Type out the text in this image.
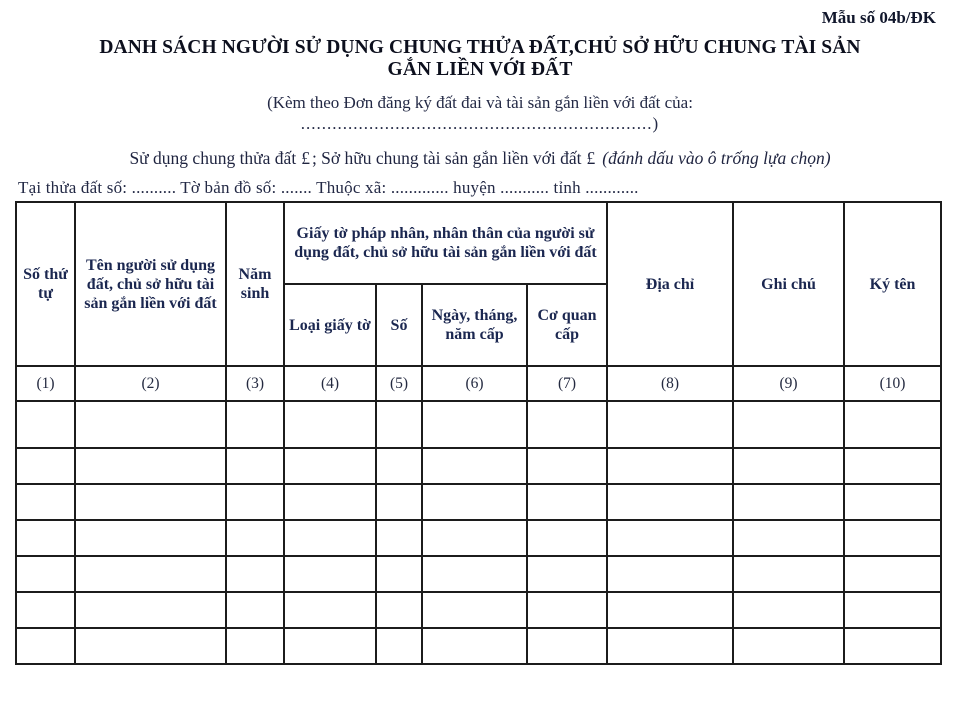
Mẫu số 04b/ĐK
DANH SÁCH NGƯỜI SỬ DỤNG CHUNG THỬA ĐẤT,CHỦ SỞ HỮU CHUNG TÀI SẢN
GẮN LIỀN VỚI ĐẤT
(Kèm theo Đơn đăng ký đất đai và tài sản gắn liền với đất của:
...................................................................)
Sử dụng chung thửa đất £ ; Sở hữu chung tài sản gắn liền với đất £ (đánh dấu vào ô trống lựa chọn)
Tại thửa đất số: .......... Tờ bản đồ số: ....... Thuộc xã: ............. huyện ........... tỉnh ............
Số thứ tự	Tên người sử dụng đất, chủ sở hữu tài sản gắn liền với đất	Năm sinh	Giấy tờ pháp nhân, nhân thân của người sử dụng đất, chủ sở hữu tài sản gắn liền với đất				Địa chỉ	Ghi chú	Ký tên
			Loại giấy tờ	Số	Ngày, tháng, năm cấp	Cơ quan cấp			
(1)	(2)	(3)	(4)	(5)	(6)	(7)	(8)	(9)	(10)
